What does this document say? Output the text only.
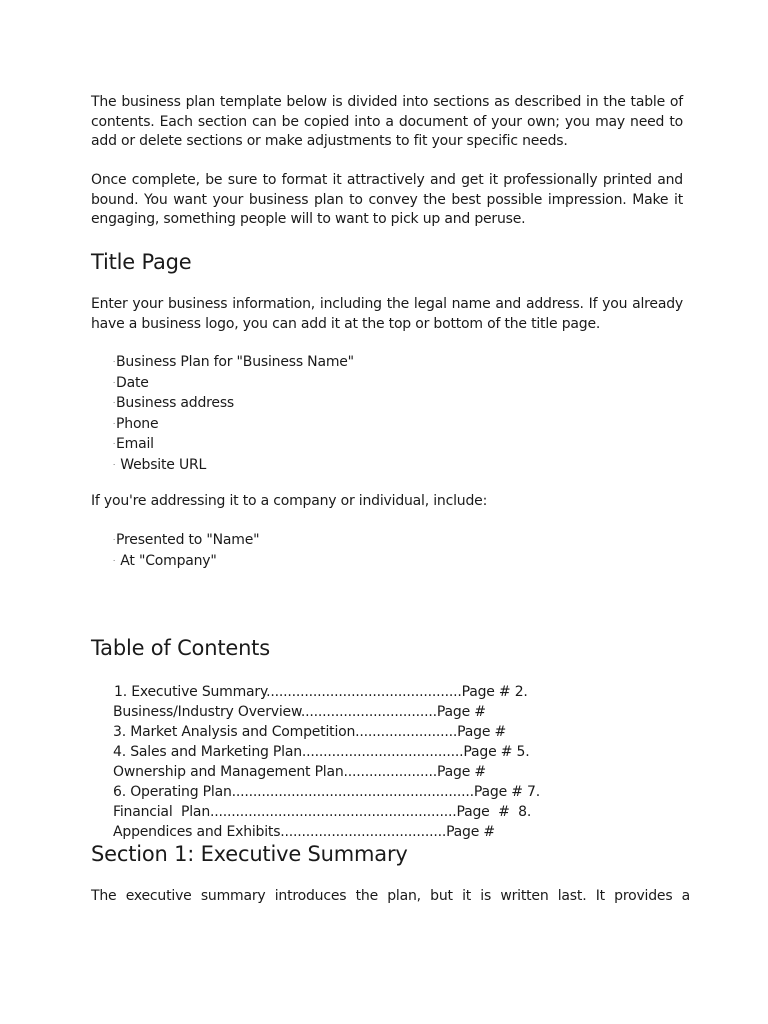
The business plan template below is divided into sections as described in the table of contents. Each section can be copied into a document of your own; you may need to add or delete sections or make adjustments to fit your specific needs.

Once complete, be sure to format it attractively and get it professionally printed and bound. You want your business plan to convey the best possible impression. Make it engaging, something people will to want to pick up and peruse.

Title Page

Enter your business information, including the legal name and address. If you already have a business logo, you can add it at the top or bottom of the title page.

·Business Plan for "Business Name"
·Date
·Business address
·Phone
·Email
· Website URL

If you're addressing it to a company or individual, include:

·Presented to "Name"
· At "Company"
Table of Contents
1. Executive Summary..............................................Page # 2.
Business/Industry Overview................................Page #
3. Market Analysis and Competition........................Page #
4. Sales and Marketing Plan......................................Page # 5.
Ownership and Management Plan......................Page #
6. Operating Plan.........................................................Page # 7.
Financial  Plan..........................................................Page  #  8.
Appendices and Exhibits.......................................Page #
Section 1: Executive Summary

The executive summary introduces the plan, but it is written last. It provides a
